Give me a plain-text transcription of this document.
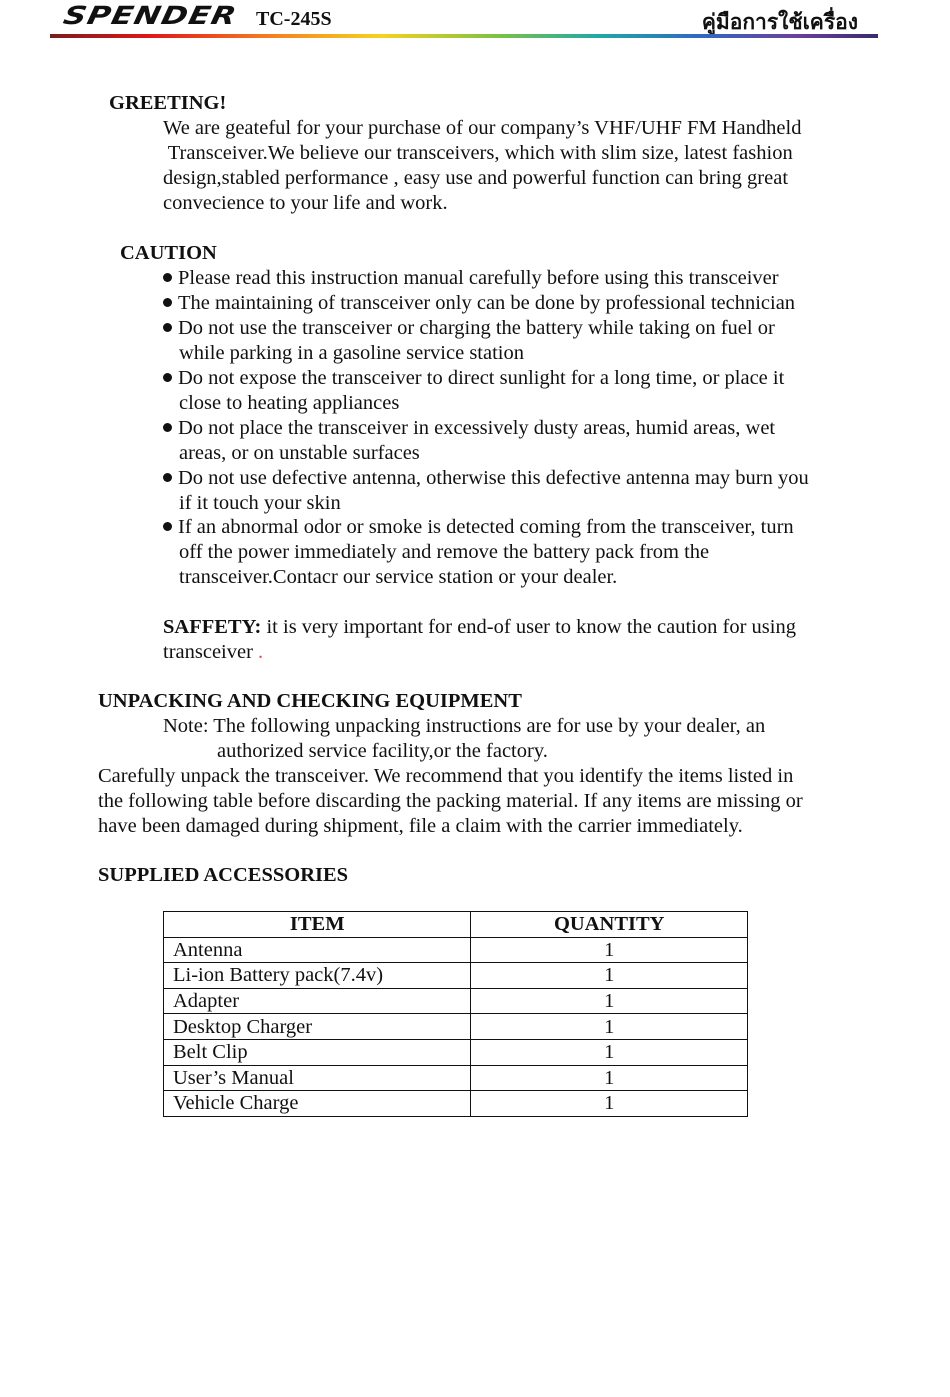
SPENDER TC-245S	คู่มือการใช้เครื่อง
GREETING!
We are geateful for your purchase of our company’s VHF/UHF FM Handheld
Transceiver.We believe our transceivers, which with slim size, latest fashion
design,stabled performance , easy use and powerful function can bring great
convecience to your life and work.
CAUTION
Please read this instruction manual carefully before using this transceiver
The maintaining of transceiver only can be done by professional technician
Do not use the transceiver or charging the battery while taking on fuel or
while parking in a gasoline service station
Do not expose the transceiver to direct sunlight for a long time, or place it
close to heating appliances
Do not place the transceiver in excessively dusty areas, humid areas, wet
areas, or on unstable surfaces
Do not use defective antenna, otherwise this defective antenna may burn you
if it touch your skin
If an abnormal odor or smoke is detected coming from the transceiver, turn
off the power immediately and remove the battery pack from the
transceiver.Contacr our service station or your dealer.
SAFFETY: it is very important for end-of user to know the caution for using
transceiver .
UNPACKING AND CHECKING EQUIPMENT
Note: The following unpacking instructions are for use by your dealer, an
authorized service facility,or the factory.
Carefully unpack the transceiver. We recommend that you identify the items listed in
the following table before discarding the packing material. If any items are missing or
have been damaged during shipment, file a claim with the carrier immediately.
SUPPLIED ACCESSORIES
ITEM	QUANTITY
Antenna	1
Li-ion Battery pack(7.4v)	1
Adapter	1
Desktop Charger	1
Belt Clip	1
User’s Manual	1
Vehicle Charge	1
